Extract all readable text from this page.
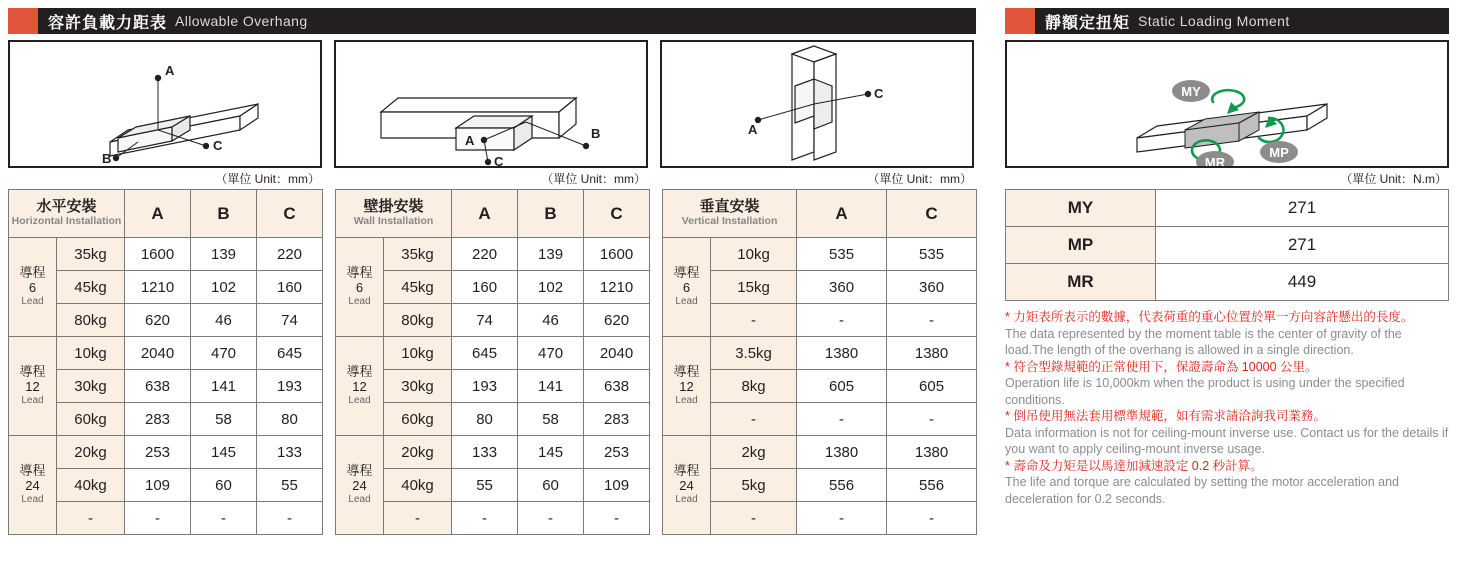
容許負載力距表 Allowable Overhang
A
C
B
B
A
C
A
C
（單位 Unit：mm）	（單位 Unit：mm）	（單位 Unit：mm）
水平安裝
Horizontal Installation		A	B	C

導程
6
Lead	35kg	1600	139	220
	45kg	1210	102	160
	80kg	620	46	74

導程
12
Lead	10kg	2040	470	645
	30kg	638	141	193
	60kg	283	58	80

導程
24
Lead	20kg	253	145	133
	40kg	109	60	55
	-	-	-	-
壁掛安裝
Wall Installation		A	B	C

導程
6
Lead	35kg	220	139	1600
	45kg	160	102	1210
	80kg	74	46	620

導程
12
Lead	10kg	645	470	2040
	30kg	193	141	638
	60kg	80	58	283

導程
24
Lead	20kg	133	145	253
	40kg	55	60	109
	-	-	-	-
垂直安裝
Vertical Installation		A	C

導程
6
Lead	10kg	535	535
	15kg	360	360
	-	-	-

導程
12
Lead	3.5kg	1380	1380
	8kg	605	605
	-	-	-

導程
24
Lead	2kg	1380	1380
	5kg	556	556
	-	-	-
靜額定扭矩 Static Loading Moment
MY
MP
MR
（單位 Unit：N.m）
MY	271
MP	271
MR	449
* 力矩表所表示的數據，代表荷重的重心位置於單一方向容許懸出的長度。
The data represented by the moment table is the center of gravity of the load.The length of the overhang is allowed in a single direction.
* 符合型錄規範的正常使用下，保證壽命為 10000 公里。
Operation life is 10,000km when the product is using under the specified conditions.
* 倒吊使用無法套用標準規範，如有需求請洽詢我司業務。
Data information is not for ceiling-mount inverse use. Contact us for the details if you want to apply ceiling-mount inverse usage.
* 壽命及力矩是以馬達加減速設定 0.2 秒計算。
The life and torque are calculated by setting the motor acceleration and deceleration for 0.2 seconds.
